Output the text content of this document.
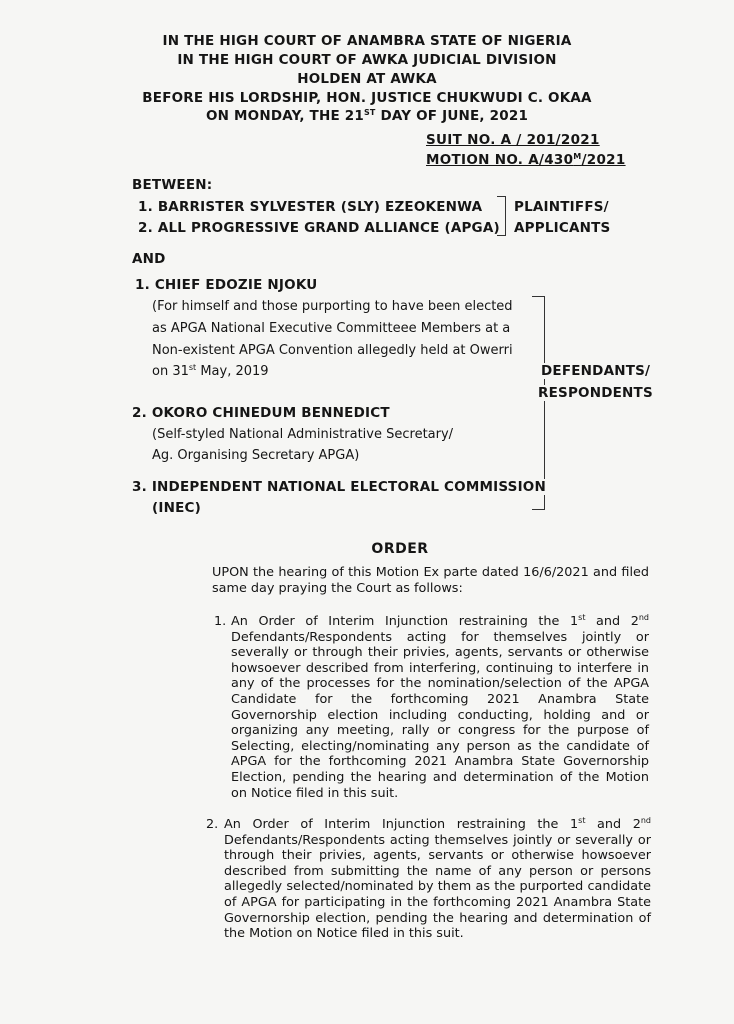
IN THE HIGH COURT OF ANAMBRA STATE OF NIGERIA
IN THE HIGH COURT OF AWKA JUDICIAL DIVISION
HOLDEN AT AWKA
BEFORE HIS LORDSHIP, HON. JUSTICE CHUKWUDI C. OKAA
ON MONDAY, THE 21ST DAY OF JUNE, 2021
SUIT NO. A / 201/2021
MOTION NO. $A/430^M/2021$
BETWEEN:
1. BARRISTER SYLVESTER (SLY) EZEOKENWA
2. ALL PROGRESSIVE GRAND ALLIANCE (APGA)
PLAINTIFFS/
APPLICANTS
AND
1. CHIEF EDOZIE NJOKU
(For himself and those purporting to have been elected
as APGA National Executive Committeee Members at a
Non-existent APGA Convention allegedly held at Owerri
on 31st May, 2019	DEFENDANTS/
RESPONDENTS
2. OKORO CHINEDUM BENNEDICT
(Self-styled National Administrative Secretary/
Ag. Organising Secretary APGA)
3. INDEPENDENT NATIONAL ELECTORAL COMMISSION
(INEC)
ORDER

UPON the hearing of this Motion Ex parte dated 16/6/2021 and filed same day praying the Court as follows:

1. An Order of Interim Injunction restraining the 1st and 2nd Defendants/Respondents acting for themselves jointly or severally or through their privies, agents, servants or otherwise howsoever described from interfering, continuing to interfere in any of the processes for the nomination/selection of the APGA Candidate for the forthcoming 2021 Anambra State Governorship election including conducting, holding and or organizing any meeting, rally or congress for the purpose of Selecting, electing/nominating any person as the candidate of APGA for the forthcoming 2021 Anambra State Governorship Election, pending the hearing and determination of the Motion on Notice filed in this suit.

2. An Order of Interim Injunction restraining the 1st and 2nd Defendants/Respondents acting themselves jointly or severally or through their privies, agents, servants or otherwise howsoever described from submitting the name of any person or persons allegedly selected/nominated by them as the purported candidate of APGA for participating in the forthcoming 2021 Anambra State Governorship election, pending the hearing and determination of the Motion on Notice filed in this suit.
